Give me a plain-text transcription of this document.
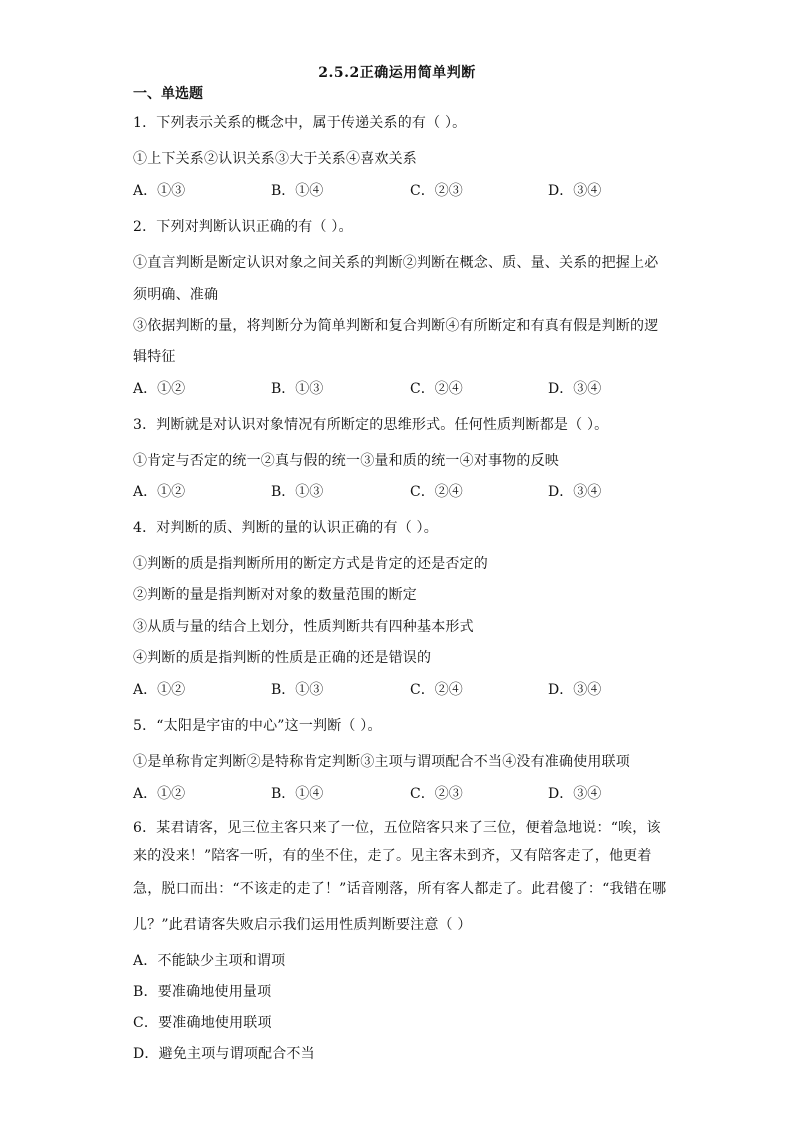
2.5.2正确运用简单判断
一、单选题
1．下列表示关系的概念中，属于传递关系的有（ ）。
①上下关系②认识关系③大于关系④喜欢关系
A．①③	B．①④	C．②③	D．③④
2．下列对判断认识正确的有（ ）。
①直言判断是断定认识对象之间关系的判断②判断在概念、质、量、关系的把握上必
须明确、准确
③依据判断的量，将判断分为简单判断和复合判断④有所断定和有真有假是判断的逻
辑特征
A．①②	B．①③	C．②④	D．③④
3．判断就是对认识对象情况有所断定的思维形式。任何性质判断都是（ ）。
①肯定与否定的统一②真与假的统一③量和质的统一④对事物的反映
A．①②	B．①③	C．②④	D．③④
4．对判断的质、判断的量的认识正确的有（ ）。
①判断的质是指判断所用的断定方式是肯定的还是否定的
②判断的量是指判断对对象的数量范围的断定
③从质与量的结合上划分，性质判断共有四种基本形式
④判断的质是指判断的性质是正确的还是错误的
A．①②	B．①③	C．②④	D．③④
5．“太阳是宇宙的中心”这一判断（ ）。
①是单称肯定判断②是特称肯定判断③主项与谓项配合不当④没有准确使用联项
A．①②	B．①④	C．②③	D．③④
6．某君请客，见三位主客只来了一位，五位陪客只来了三位，便着急地说：“唉，该
来的没来！”陪客一听，有的坐不住，走了。见主客未到齐，又有陪客走了，他更着
急，脱口而出：“不该走的走了！”话音刚落，所有客人都走了。此君傻了：“我错在哪
儿？”此君请客失败启示我们运用性质判断要注意（ ）
A．不能缺少主项和谓项
B．要准确地使用量项
C．要准确地使用联项
D．避免主项与谓项配合不当
